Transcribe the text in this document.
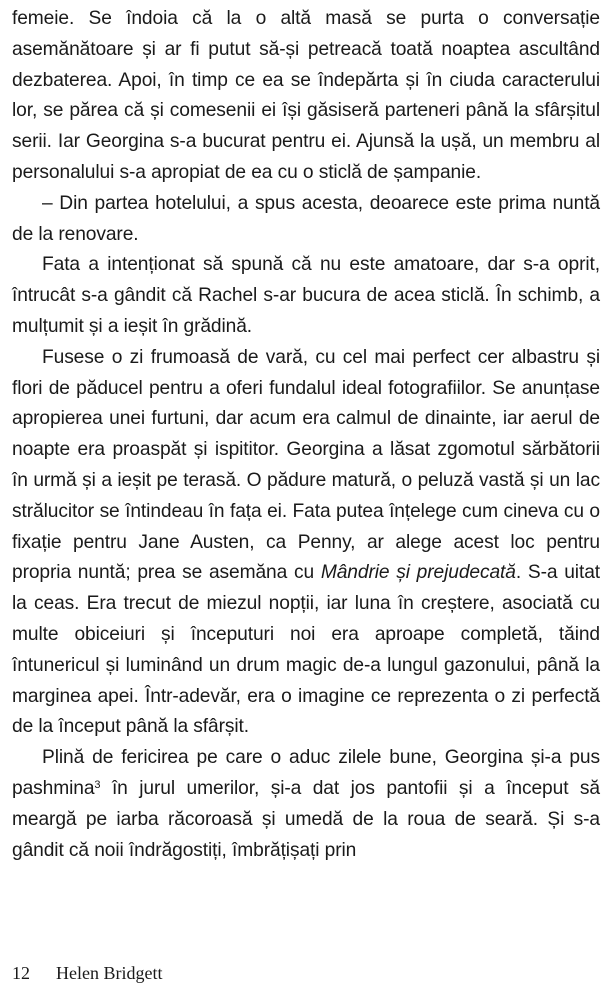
femeie. Se îndoia că la o altă masă se purta o conversație asemănătoare și ar fi putut să-și petreacă toată noaptea ascultând dezbaterea. Apoi, în timp ce ea se îndepărta și în ciuda caracterului lor, se părea că și comesenii ei își găsiseră parteneri până la sfârșitul serii. Iar Georgina s-a bucurat pentru ei. Ajunsă la ușă, un membru al personalului s-a apropiat de ea cu o sticlă de șampanie.

– Din partea hotelului, a spus acesta, deoarece este prima nuntă de la renovare.

Fata a intenționat să spună că nu este amatoare, dar s-a oprit, întrucât s-a gândit că Rachel s-ar bucura de acea sticlă. În schimb, a mulțumit și a ieșit în grădină.

Fusese o zi frumoasă de vară, cu cel mai perfect cer albastru și flori de păducel pentru a oferi fundalul ideal fotografiilor. Se anunțase apropierea unei furtuni, dar acum era calmul de dinainte, iar aerul de noapte era proaspăt și ispititor. Georgina a lăsat zgomotul sărbătorii în urmă și a ieșit pe terasă. O pădure matură, o peluză vastă și un lac strălucitor se întindeau în fața ei. Fata putea înțelege cum cineva cu o fixație pentru Jane Austen, ca Penny, ar alege acest loc pentru propria nuntă; prea se asemăna cu Mândrie și prejudecată. S-a uitat la ceas. Era trecut de miezul nopții, iar luna în creștere, asociată cu multe obiceiuri și începuturi noi era aproape completă, tăind întunericul și luminând un drum magic de-a lungul gazonului, până la marginea apei. Într-adevăr, era o imagine ce reprezenta o zi perfectă de la început până la sfârșit.

Plină de fericirea pe care o aduc zilele bune, Georgina și-a pus pashmina$^3$ în jurul umerilor, și-a dat jos pantofii și a început să meargă pe iarba răcoroasă și umedă de la roua de seară. Și s-a gândit că noii îndrăgostiți, îmbrățișați prin

12 Helen Bridgett
